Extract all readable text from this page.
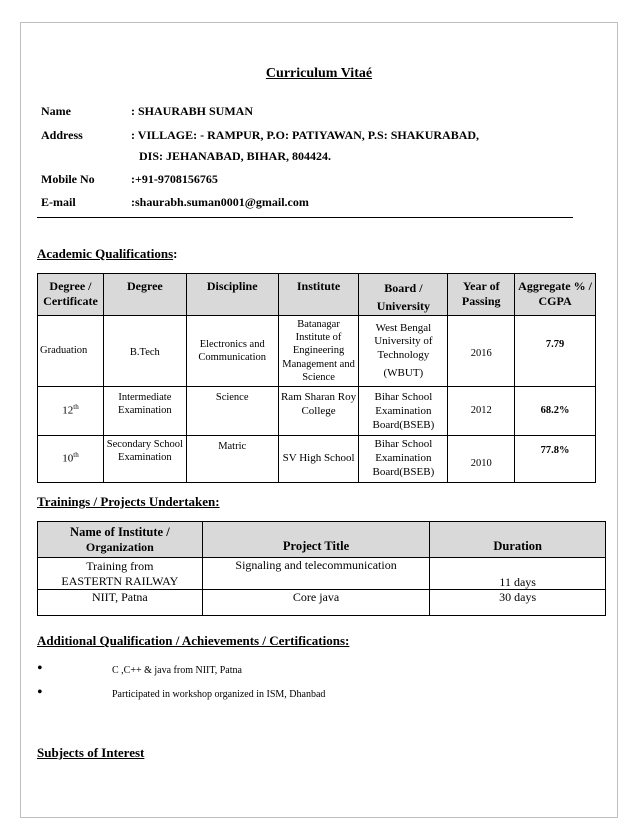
Curriculum Vitaé
Name	: SHAURABH SUMAN
Address	: VILLAGE: - RAMPUR, P.O: PATIYAWAN, P.S: SHAKURABAD,
DIS: JEHANABAD, BIHAR, 804424.
Mobile No	:+91-9708156765
E-mail	:shaurabh.suman0001@gmail.com
Academic Qualifications:
Degree / Certificate	Degree	Discipline	Institute	Board / University	Year of Passing	Aggregate % / CGPA
Graduation	B.Tech	Electronics and Communication	Batanagar Institute of Engineering Management and Science	West Bengal University of Technology
(WBUT)	2016	7.79
12th	Intermediate Examination	Science	Ram Sharan Roy College	Bihar School Examination Board(BSEB)	2012	68.2%
10th	Secondary School Examination	Matric	SV High School	Bihar School Examination Board(BSEB)	2010	77.8%
Trainings / Projects Undertaken:
Name of Institute /
Organization	Project Title	Duration

Training from
EASTERTN RAILWAY	Signaling and telecommunication	11 days
NIIT, Patna	Core java	30 days
Additional Qualification / Achievements / Certifications:
•	C ,C++ & java from NIIT, Patna
•	Participated in workshop organized in ISM, Dhanbad
Subjects of Interest
